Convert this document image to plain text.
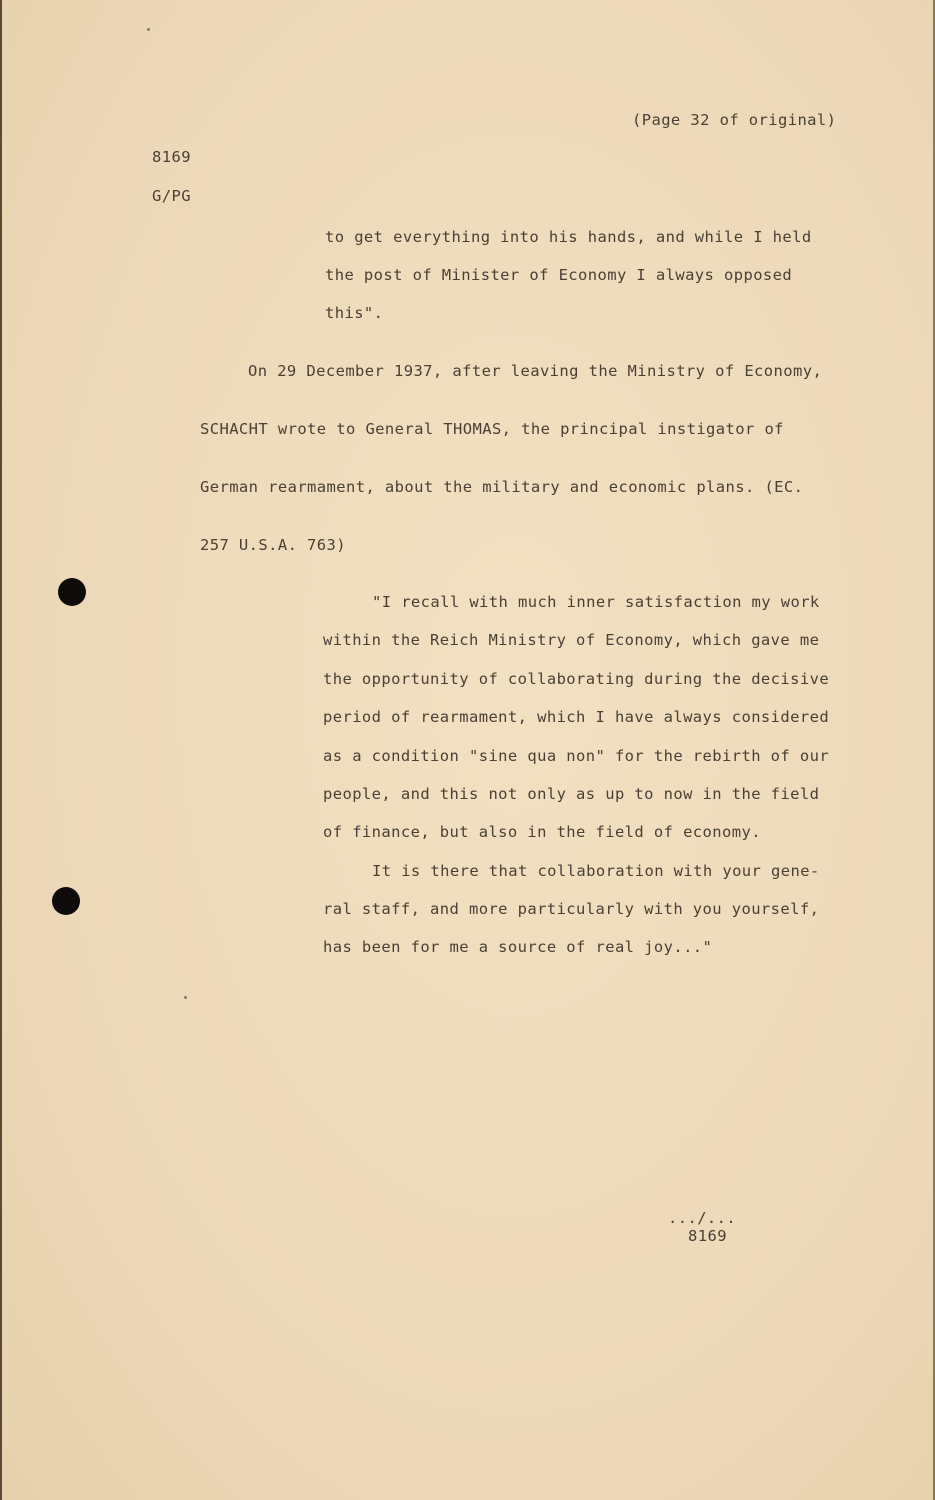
(Page 32 of original)
8169
G/PG
to get everything into his hands, and while I held
the post of Minister of Economy I always opposed
this".
On 29 December 1937, after leaving the Ministry of Economy,
SCHACHT wrote to General THOMAS, the principal instigator of
German rearmament, about the military and economic plans. (EC.
257 U.S.A. 763)
"I recall with much inner satisfaction my work
within the Reich Ministry of Economy, which gave me
the opportunity of collaborating during the decisive
period of rearmament, which I have always considered
as a condition "sine qua non" for the rebirth of our
people, and this not only as up to now in the field
of finance, but also in the field of economy.
It is there that collaboration with your gene-
ral staff, and more particularly with you yourself,
has been for me a source of real joy..."
.../...
8169
